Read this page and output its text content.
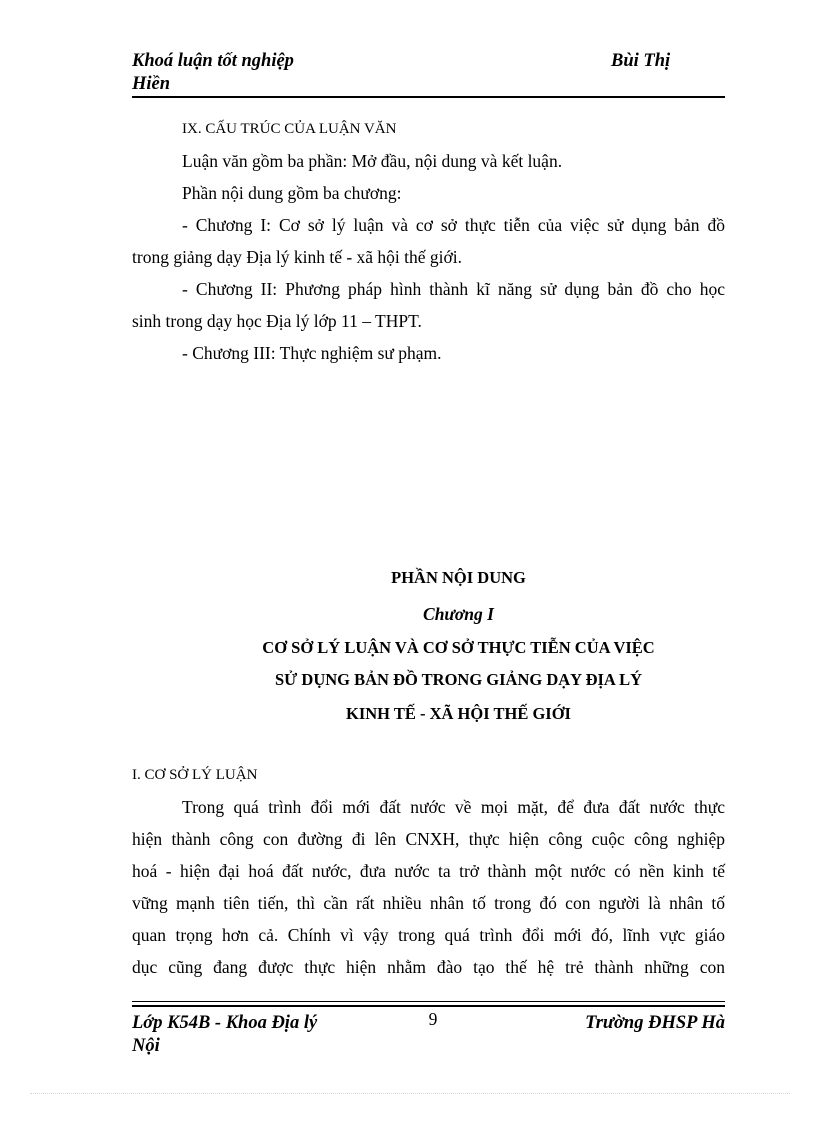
Khoá luận tốt nghiệp
Hiền
Bùi Thị
IX. CẤU TRÚC CỦA LUẬN VĂN
Luận văn gồm ba phần: Mở đầu, nội dung và kết luận.
Phần nội dung gồm ba chương:
- Chương I: Cơ sở lý luận và cơ sở thực tiễn của việc sử dụng bản đồ
trong giảng dạy Địa lý kinh tế - xã hội thế giới.
- Chương II: Phương pháp hình thành kĩ năng sử dụng bản đồ cho học
sinh trong dạy học Địa lý lớp 11 – THPT.
- Chương III: Thực nghiệm sư phạm.
PHẦN NỘI DUNG
Chương I
CƠ SỞ LÝ LUẬN VÀ CƠ SỞ THỰC TIỄN CỦA VIỆC
SỬ DỤNG BẢN ĐỒ TRONG GIẢNG DẠY ĐỊA LÝ
KINH TẾ - XÃ HỘI THẾ GIỚI
I. CƠ SỞ LÝ LUẬN
Trong quá trình đổi mới đất nước về mọi mặt, để đưa đất nước thực
hiện thành công con đường đi lên CNXH, thực hiện công cuộc công nghiệp
hoá - hiện đại hoá đất nước, đưa nước ta trở thành một nước có nền kinh tế
vững mạnh tiên tiến, thì cần rất nhiều nhân tố trong đó con người là nhân tố
quan trọng hơn cả. Chính vì vậy trong quá trình đổi mới đó, lĩnh vực giáo
dục cũng đang được thực hiện nhằm đào tạo thế hệ trẻ thành những con
Lớp K54B - Khoa Địa lý
Nội
9	Trường ĐHSP Hà
